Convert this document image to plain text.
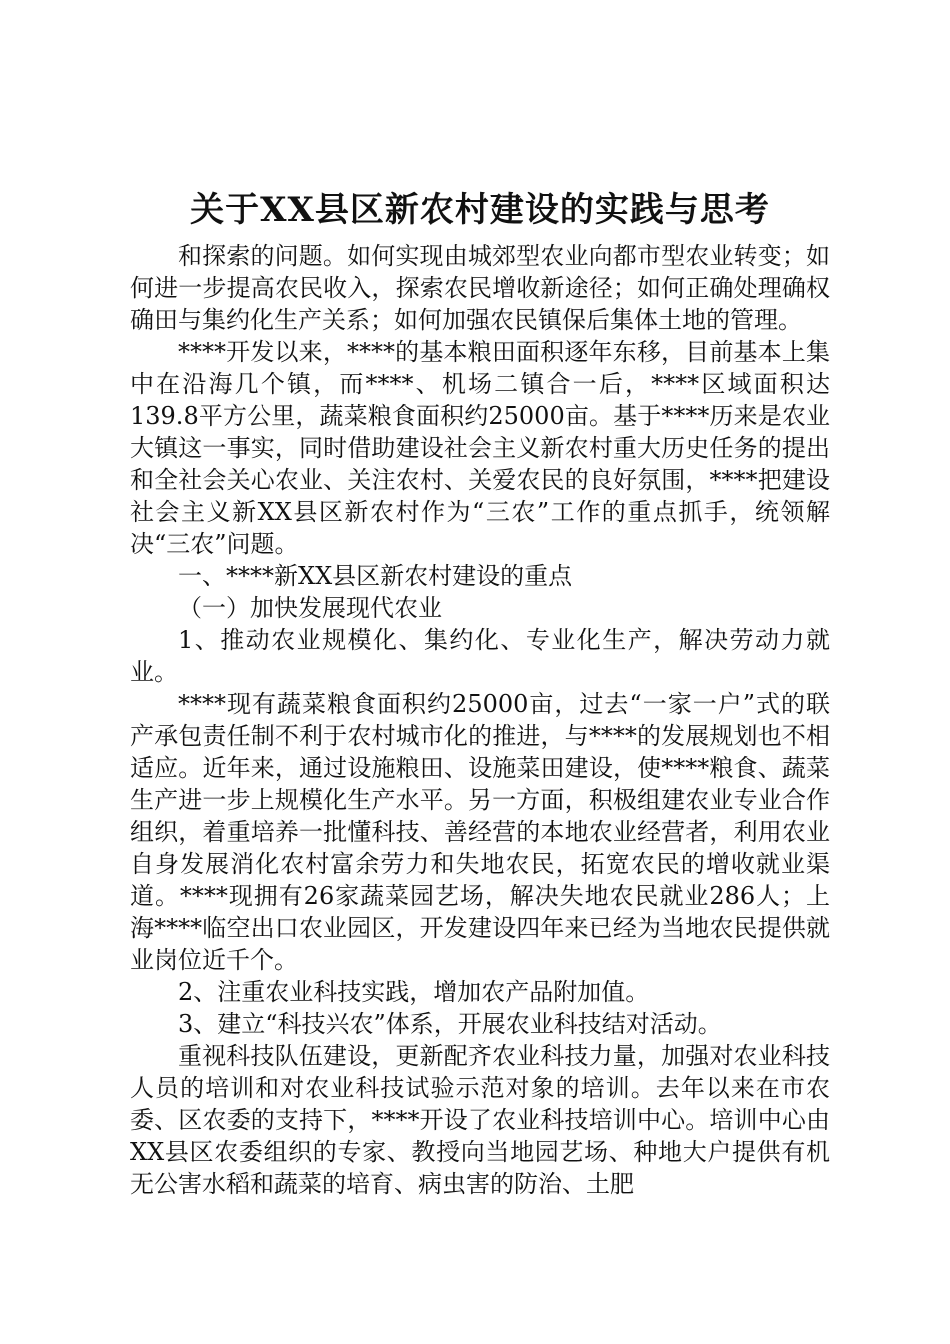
关于XX县区新农村建设的实践与思考

和探索的问题。如何实现由城郊型农业向都市型农业转变；如何进一步提高农民收入，探索农民增收新途径；如何正确处理确权确田与集约化生产关系；如何加强农民镇保后集体土地的管理。

****开发以来，****的基本粮田面积逐年东移，目前基本上集中在沿海几个镇，而****、机场二镇合一后，****区域面积达139.8平方公里，蔬菜粮食面积约25000亩。基于****历来是农业大镇这一事实，同时借助建设社会主义新农村重大历史任务的提出和全社会关心农业、关注农村、关爱农民的良好氛围，****把建设社会主义新XX县区新农村作为“三农”工作的重点抓手，统领解决“三农”问题。

一、****新XX县区新农村建设的重点

（一）加快发展现代农业

1、推动农业规模化、集约化、专业化生产，解决劳动力就业。

****现有蔬菜粮食面积约25000亩，过去“一家一户”式的联产承包责任制不利于农村城市化的推进，与****的发展规划也不相适应。近年来，通过设施粮田、设施菜田建设，使****粮食、蔬菜生产进一步上规模化生产水平。另一方面，积极组建农业专业合作组织，着重培养一批懂科技、善经营的本地农业经营者，利用农业自身发展消化农村富余劳力和失地农民，拓宽农民的增收就业渠道。****现拥有26家蔬菜园艺场，解决失地农民就业286人；上海****临空出口农业园区，开发建设四年来已经为当地农民提供就业岗位近千个。

2、注重农业科技实践，增加农产品附加值。

3、建立“科技兴农”体系，开展农业科技结对活动。

重视科技队伍建设，更新配齐农业科技力量，加强对农业科技人员的培训和对农业科技试验示范对象的培训。去年以来在市农委、区农委的支持下，****开设了农业科技培训中心。培训中心由XX县区农委组织的专家、教授向当地园艺场、种地大户提供有机无公害水稻和蔬菜的培育、病虫害的防治、土肥
